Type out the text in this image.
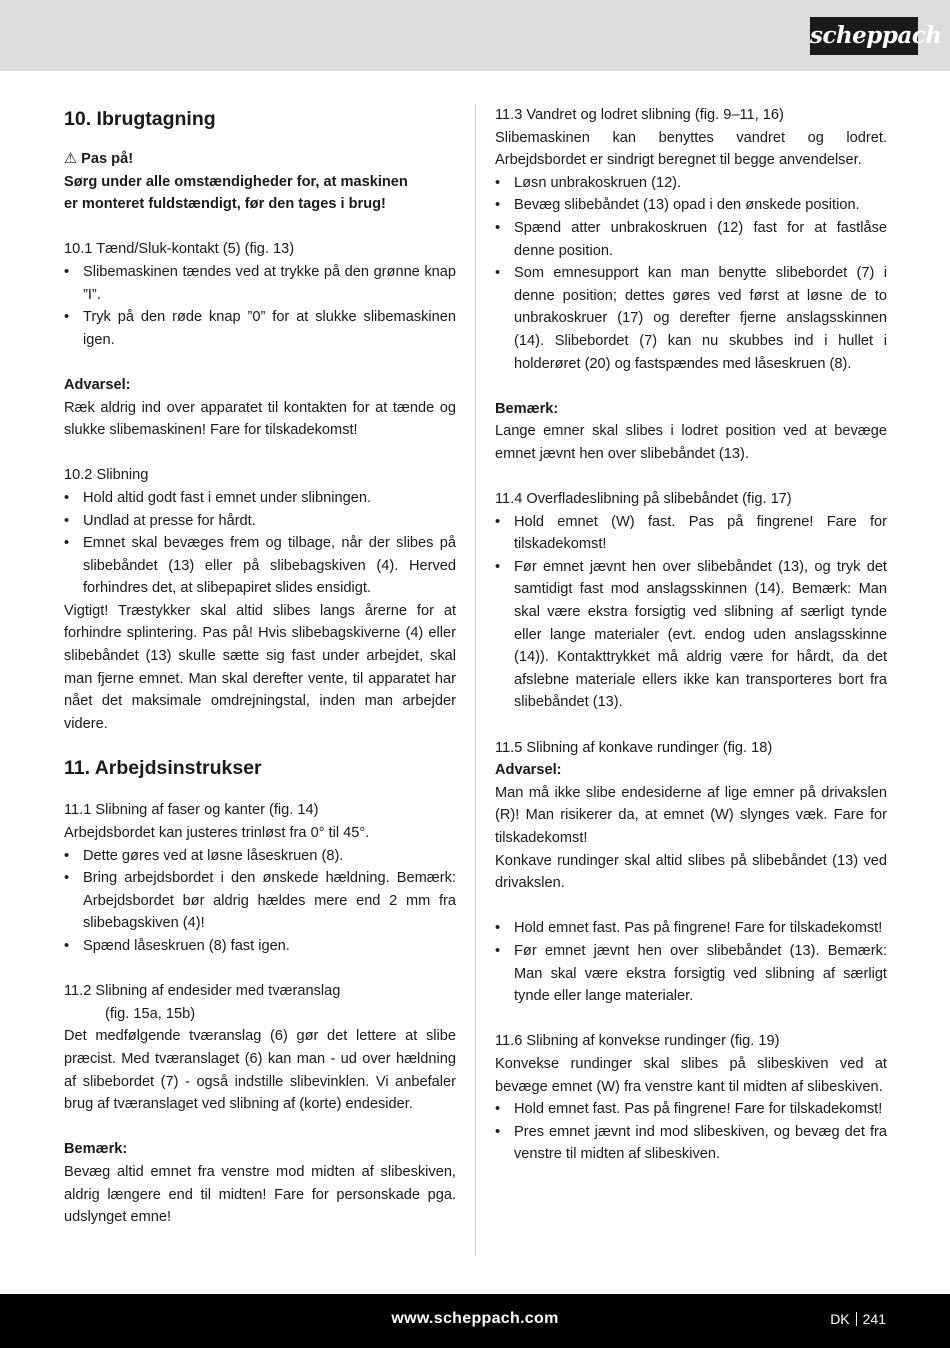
scheppach
10. Ibrugtagning
⚠ Pas på!
Sørg under alle omstændigheder for, at maskinen
er monteret fuldstændigt, før den tages i brug!
10.1 Tænd/Sluk-kontakt (5) (fig. 13)
• Slibemaskinen tændes ved at trykke på den grønne knap ”I”.
• Tryk på den røde knap ”0” for at slukke slibemaskinen igen.
Advarsel:
Ræk aldrig ind over apparatet til kontakten for at tænde og slukke slibemaskinen! Fare for tilskadekomst!
10.2 Slibning
• Hold altid godt fast i emnet under slibningen.
• Undlad at presse for hårdt.
• Emnet skal bevæges frem og tilbage, når der slibes på slibebåndet (13) eller på slibebagskiven (4). Herved forhindres det, at slibepapiret slides ensidigt.
Vigtigt! Træstykker skal altid slibes langs årerne for at forhindre splintering. Pas på! Hvis slibebagskiverne (4) eller slibebåndet (13) skulle sætte sig fast under arbejdet, skal man fjerne emnet. Man skal derefter vente, til apparatet har nået det maksimale omdrejningstal, inden man arbejder videre.
11. Arbejdsinstrukser
11.1 Slibning af faser og kanter (fig. 14)
Arbejdsbordet kan justeres trinløst fra 0° til 45°.
• Dette gøres ved at løsne låseskruen (8).
• Bring arbejdsbordet i den ønskede hældning. Bemærk: Arbejdsbordet bør aldrig hældes mere end 2 mm fra slibebagskiven (4)!
• Spænd låseskruen (8) fast igen.
11.2 Slibning af endesider med tværanslag
(fig. 15a, 15b)
Det medfølgende tværanslag (6) gør det lettere at slibe præcist. Med tværanslaget (6) kan man - ud over hældning af slibebordet (7) - også indstille slibevinklen. Vi anbefaler brug af tværanslaget ved slibning af (korte) endesider.
Bemærk:
Bevæg altid emnet fra venstre mod midten af slibeskiven, aldrig længere end til midten! Fare for personskade pga. udslynget emne!
11.3 Vandret og lodret slibning (fig. 9–11, 16)
Slibemaskinen kan benyttes vandret og lodret. Arbejdsbordet er sindrigt beregnet til begge anvendelser.
• Løsn unbrakoskruen (12).
• Bevæg slibebåndet (13) opad i den ønskede position.
• Spænd atter unbrakoskruen (12) fast for at fastlåse denne position.
• Som emnesupport kan man benytte slibebordet (7) i denne position; dettes gøres ved først at løsne de to unbrakoskruer (17) og derefter fjerne anslagsskinnen (14). Slibebordet (7) kan nu skubbes ind i hullet i holderøret (20) og fastspændes med låseskruen (8).
Bemærk:
Lange emner skal slibes i lodret position ved at bevæge emnet jævnt hen over slibebåndet (13).
11.4 Overfladeslibning på slibebåndet (fig. 17)
• Hold emnet (W) fast. Pas på fingrene! Fare for tilskadekomst!
• Før emnet jævnt hen over slibebåndet (13), og tryk det samtidigt fast mod anslagsskinnen (14). Bemærk: Man skal være ekstra forsigtig ved slibning af særligt tynde eller lange materialer (evt. endog uden anslagsskinne (14)). Kontakttrykket må aldrig være for hårdt, da det afslebne materiale ellers ikke kan transporteres bort fra slibebåndet (13).
11.5 Slibning af konkave rundinger (fig. 18)
Advarsel:
Man må ikke slibe endesiderne af lige emner på drivakslen (R)! Man risikerer da, at emnet (W) slynges væk. Fare for tilskadekomst!
Konkave rundinger skal altid slibes på slibebåndet (13) ved drivakslen.
• Hold emnet fast. Pas på fingrene! Fare for tilskadekomst!
• Før emnet jævnt hen over slibebåndet (13). Bemærk: Man skal være ekstra forsigtig ved slibning af særligt tynde eller lange materialer.
11.6 Slibning af konvekse rundinger (fig. 19)
Konvekse rundinger skal slibes på slibeskiven ved at bevæge emnet (W) fra venstre kant til midten af slibeskiven.
• Hold emnet fast. Pas på fingrene! Fare for tilskadekomst!
• Pres emnet jævnt ind mod slibeskiven, og bevæg det fra venstre til midten af slibeskiven.
www.scheppach.com	DK 241
